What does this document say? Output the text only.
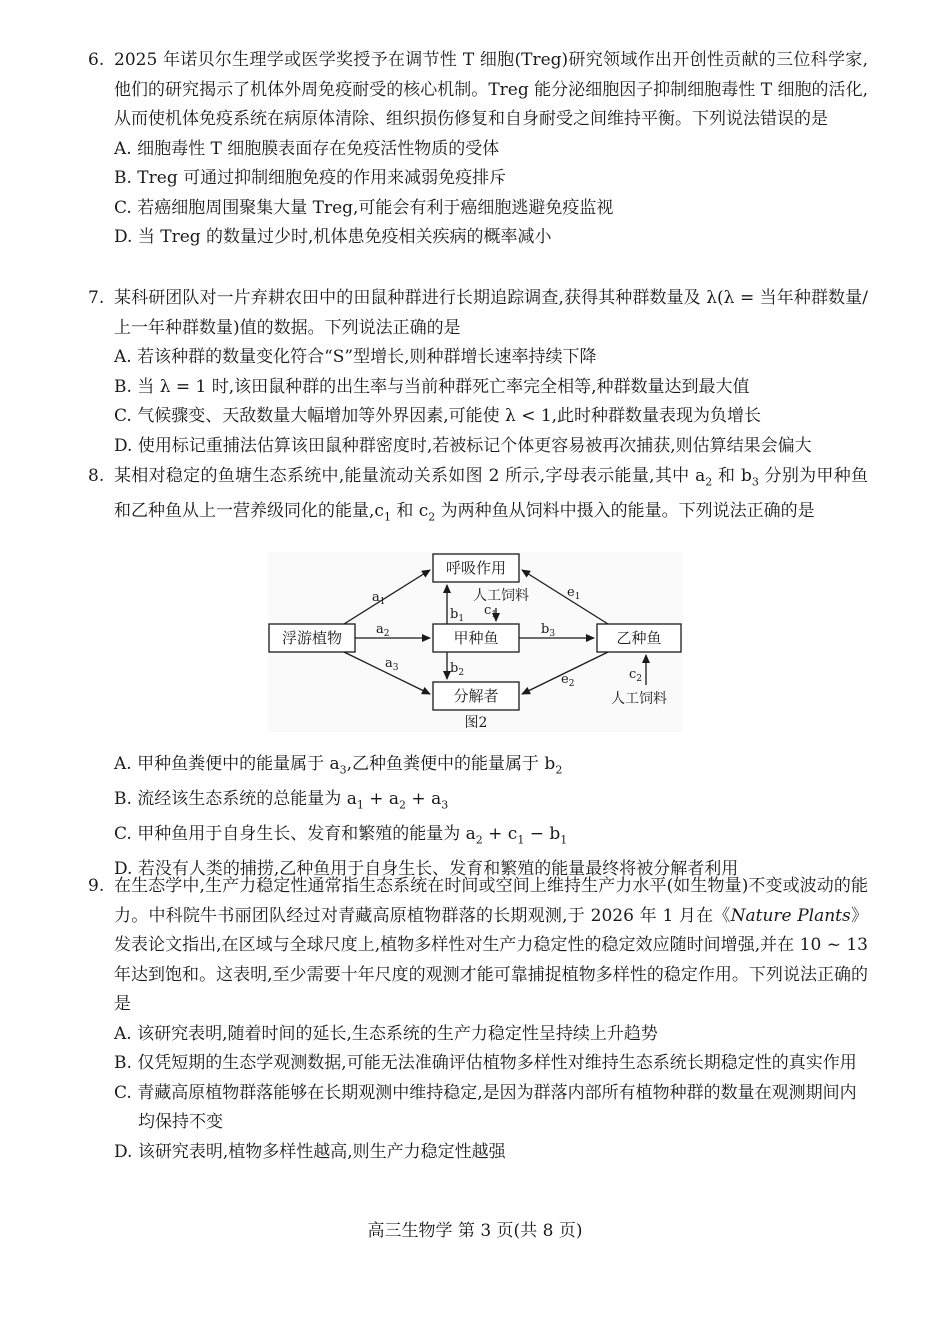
6. 2025 年诺贝尔生理学或医学奖授予在调节性 T 细胞(Treg)研究领域作出开创性贡献的三位科学家,他们的研究揭示了机体外周免疫耐受的核心机制。Treg 能分泌细胞因子抑制细胞毒性 T 细胞的活化,从而使机体免疫系统在病原体清除、组织损伤修复和自身耐受之间维持平衡。下列说法错误的是
A. 细胞毒性 T 细胞膜表面存在免疫活性物质的受体
B. Treg 可通过抑制细胞免疫的作用来减弱免疫排斥
C. 若癌细胞周围聚集大量 Treg,可能会有利于癌细胞逃避免疫监视
D. 当 Treg 的数量过少时,机体患免疫相关疾病的概率减小
7. 某科研团队对一片弃耕农田中的田鼠种群进行长期追踪调查,获得其种群数量及 λ(λ = 当年种群数量/上一年种群数量)值的数据。下列说法正确的是
A. 若该种群的数量变化符合“S”型增长,则种群增长速率持续下降
B. 当 λ = 1 时,该田鼠种群的出生率与当前种群死亡率完全相等,种群数量达到最大值
C. 气候骤变、天敌数量大幅增加等外界因素,可能使 λ < 1,此时种群数量表现为负增长
D. 使用标记重捕法估算该田鼠种群密度时,若被标记个体更容易被再次捕获,则估算结果会偏大
8. 某相对稳定的鱼塘生态系统中,能量流动关系如图 2 所示,字母表示能量,其中 $a_2$ 和 $b_3$ 分别为甲种鱼和乙种鱼从上一营养级同化的能量$,c_1$ 和 $c_2$ 为两种鱼从饲料中摄入的能量。下列说法正确的是
呼吸作用
浮游植物	甲种鱼	乙种鱼
分解者
人工饲料
人工饲料
$a_1$
$a_2$
$a_3$
$b_1$
$c_1$
$b_2$
$b_3$
$e_1$
$e_2$
$c_2$
图2
A. 甲种鱼粪便中的能量属于 $a_3$,乙种鱼粪便中的能量属于 $b_2$
B. 流经该生态系统的总能量为 $a_1 + a_2 + a_3$
C. 甲种鱼用于自身生长、发育和繁殖的能量为 $a_2 + c_1 - b_1$
D. 若没有人类的捕捞,乙种鱼用于自身生长、发育和繁殖的能量最终将被分解者利用
9. 在生态学中,生产力稳定性通常指生态系统在时间或空间上维持生产力水平(如生物量)不变或波动的能力。中科院牛书丽团队经过对青藏高原植物群落的长期观测,于 2026 年 1 月在《Nature Plants》发表论文指出,在区域与全球尺度上,植物多样性对生产力稳定性的稳定效应随时间增强,并在 10 ~ 13 年达到饱和。这表明,至少需要十年尺度的观测才能可靠捕捉植物多样性的稳定作用。下列说法正确的是
A. 该研究表明,随着时间的延长,生态系统的生产力稳定性呈持续上升趋势
B. 仅凭短期的生态学观测数据,可能无法准确评估植物多样性对维持生态系统长期稳定性的真实作用
C. 青藏高原植物群落能够在长期观测中维持稳定,是因为群落内部所有植物种群的数量在观测期间内均保持不变
D. 该研究表明,植物多样性越高,则生产力稳定性越强
高三生物学 第 3 页(共 8 页)
